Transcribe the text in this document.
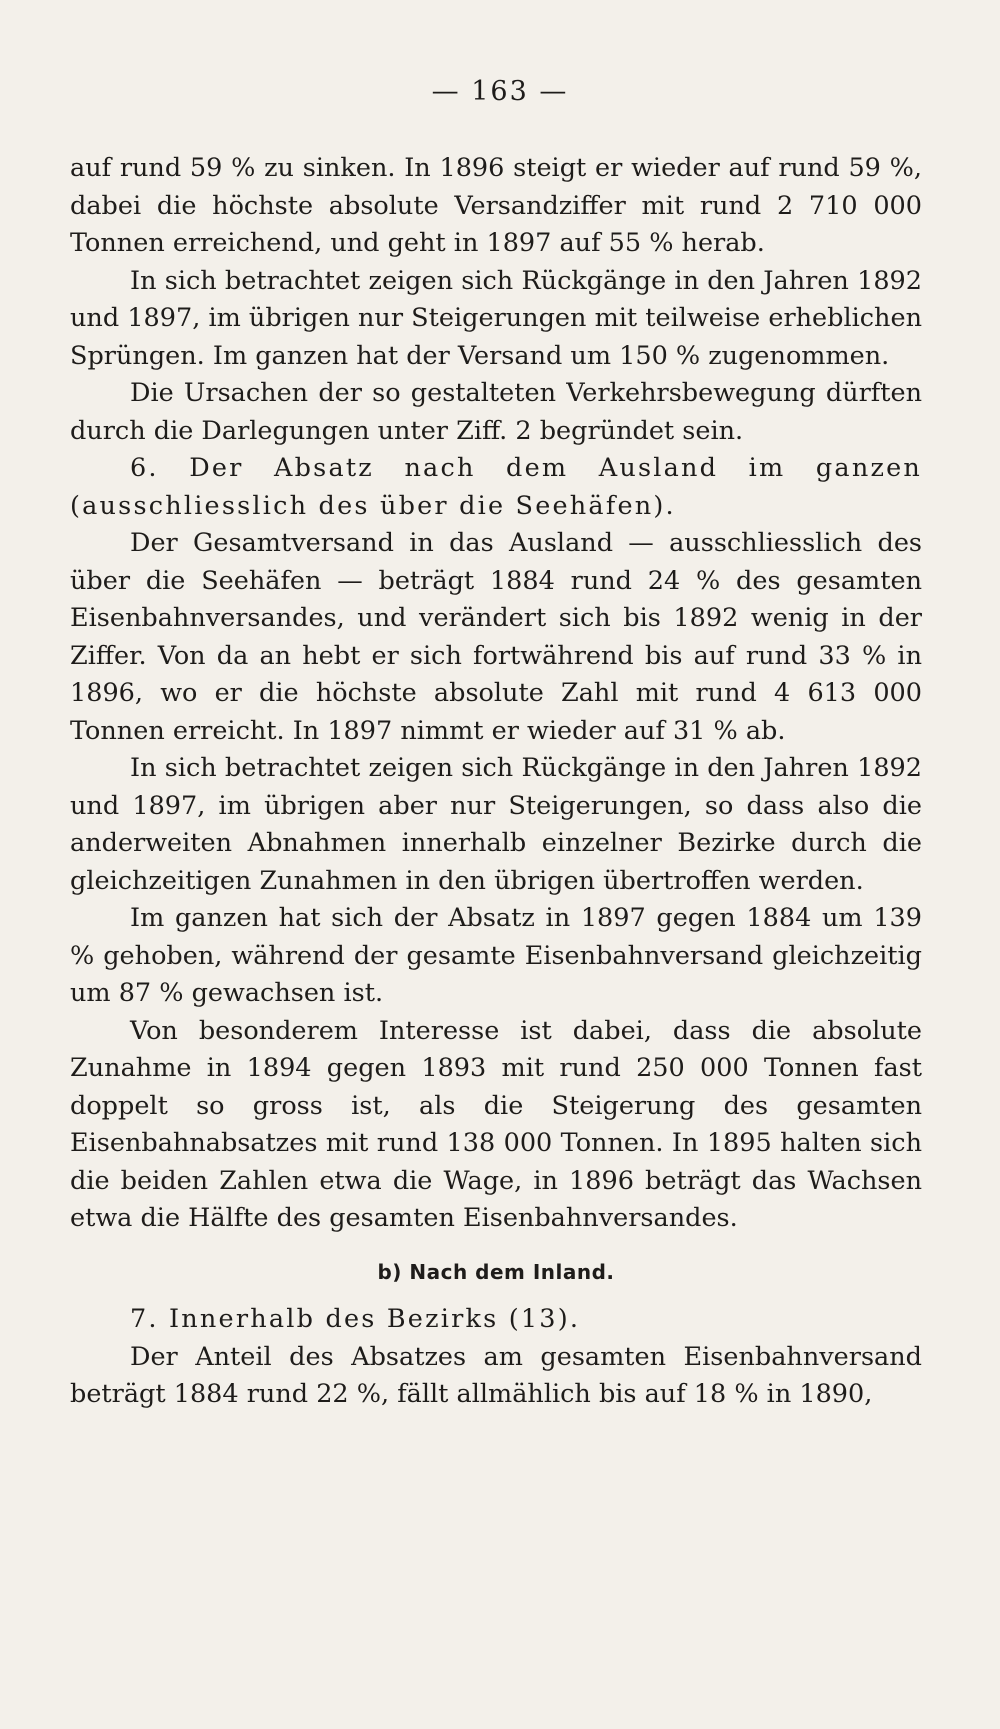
— 163 —

auf rund 59 % zu sinken. In 1896 steigt er wieder auf rund 59 %, dabei die höchste absolute Versandziffer mit rund 2 710 000 Tonnen erreichend, und geht in 1897 auf 55 % herab.

In sich betrachtet zeigen sich Rückgänge in den Jahren 1892 und 1897, im übrigen nur Steigerungen mit teilweise erheblichen Sprüngen. Im ganzen hat der Versand um 150 % zugenommen.

Die Ursachen der so gestalteten Verkehrsbewegung dürften durch die Darlegungen unter Ziff. 2 begründet sein.

6. Der Absatz nach dem Ausland im ganzen (ausschliesslich des über die Seehäfen).

Der Gesamtversand in das Ausland — ausschliesslich des über die Seehäfen — beträgt 1884 rund 24 % des gesamten Eisenbahnversandes, und verändert sich bis 1892 wenig in der Ziffer. Von da an hebt er sich fortwährend bis auf rund 33 % in 1896, wo er die höchste absolute Zahl mit rund 4 613 000 Tonnen erreicht. In 1897 nimmt er wieder auf 31 % ab.

In sich betrachtet zeigen sich Rückgänge in den Jahren 1892 und 1897, im übrigen aber nur Steigerungen, so dass also die anderweiten Abnahmen innerhalb einzelner Bezirke durch die gleichzeitigen Zunahmen in den übrigen übertroffen werden.

Im ganzen hat sich der Absatz in 1897 gegen 1884 um 139 % gehoben, während der gesamte Eisenbahnversand gleichzeitig um 87 % gewachsen ist.

Von besonderem Interesse ist dabei, dass die absolute Zunahme in 1894 gegen 1893 mit rund 250 000 Tonnen fast doppelt so gross ist, als die Steigerung des gesamten Eisenbahnabsatzes mit rund 138 000 Tonnen. In 1895 halten sich die beiden Zahlen etwa die Wage, in 1896 beträgt das Wachsen etwa die Hälfte des gesamten Eisenbahnversandes.

b) Nach dem Inland.

7. Innerhalb des Bezirks (13).

Der Anteil des Absatzes am gesamten Eisenbahnversand beträgt 1884 rund 22 %, fällt allmählich bis auf 18 % in 1890,
